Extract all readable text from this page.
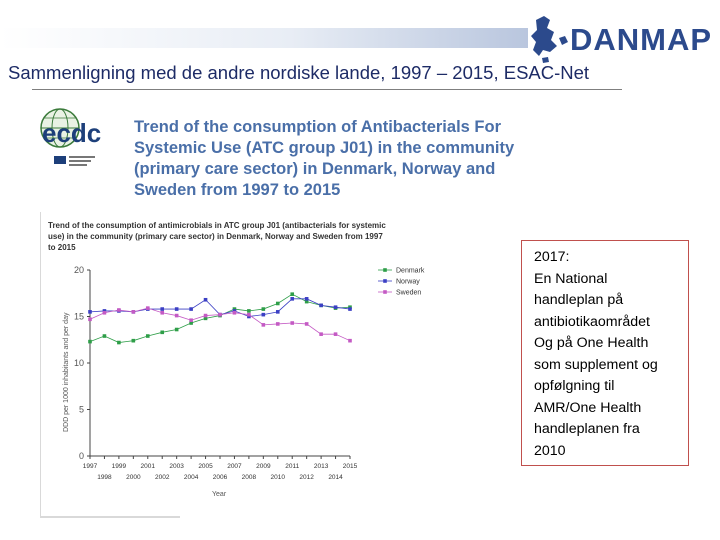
DANMAP
Sammenligning med de andre nordiske lande, 1997 – 2015, ESAC-Net
ecdc Trend of the consumption of Antibacterials For
Systemic Use (ATC group J01) in the community
(primary care sector) in Denmark, Norway and
Sweden from 1997 to 2015
Trend of the consumption of antimicrobials in ATC group J01 (antibacterials for systemic
use) in the community (primary care sector) in Denmark, Norway and Sweden from 1997
to 2015
DDD per 1000 inhabitants and per day
Year
0
5
10
15
20
1997 1999 2001 2003 2005 2007 2009 2011 2013 2015
1998 2000 2002 2004 2006 2008 2010 2012 2014
Denmark
Norway
Sweden
2017:
En National
handleplan på
antibiotikaområdet
Og på One Health
som supplement og
opfølgning til
AMR/One Health
handleplanen fra
2010
